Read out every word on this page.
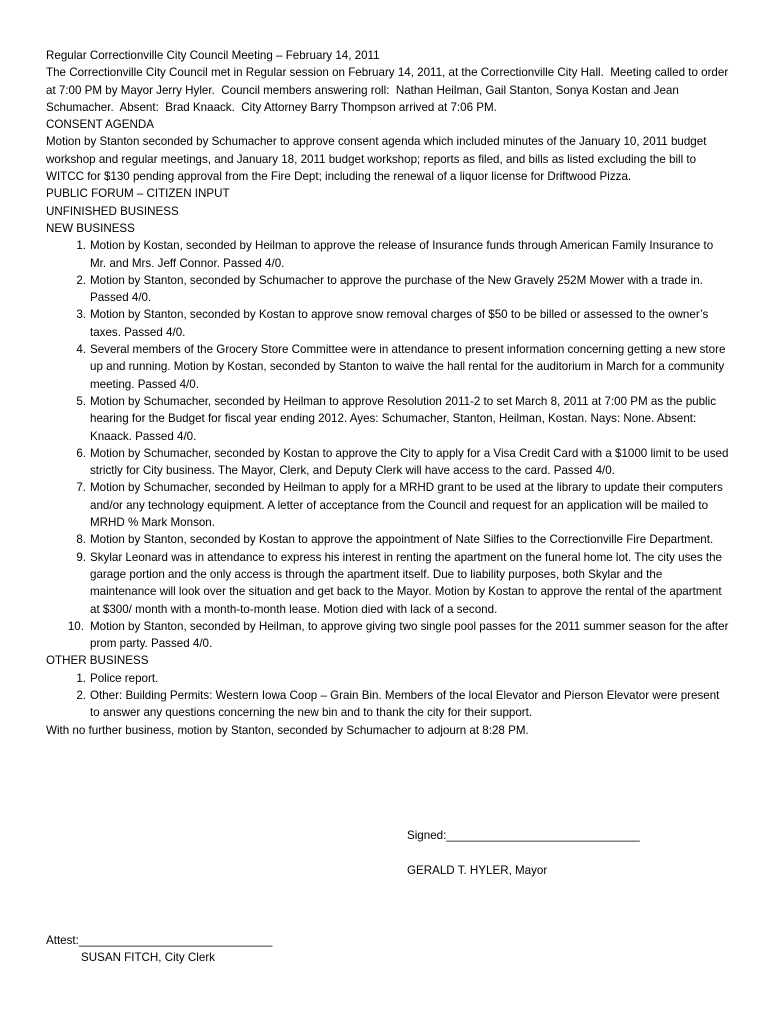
Regular Correctionville City Council Meeting – February 14, 2011
The Correctionville City Council met in Regular session on February 14, 2011, at the Correctionville City Hall.  Meeting called to order at 7:00 PM by Mayor Jerry Hyler.  Council members answering roll:  Nathan Heilman, Gail Stanton, Sonya Kostan and Jean Schumacher.  Absent:  Brad Knaack.  City Attorney Barry Thompson arrived at 7:06 PM.
CONSENT AGENDA
Motion by Stanton seconded by Schumacher to approve consent agenda which included minutes of the January 10, 2011 budget workshop and regular meetings, and January 18, 2011 budget workshop; reports as filed, and bills as listed excluding the bill to WITCC for $130 pending approval from the Fire Dept; including the renewal of a liquor license for Driftwood Pizza.
PUBLIC FORUM – CITIZEN INPUT
UNFINISHED BUSINESS
NEW BUSINESS
1 . Motion by Kostan, seconded by Heilman to approve the release of Insurance funds through American Family Insurance to Mr. and Mrs. Jeff Connor. Passed 4/0.
2 . Motion by Stanton, seconded by Schumacher to approve the purchase of the New Gravely 252M Mower with a trade in. Passed 4/0.
3 . Motion by Stanton, seconded by Kostan to approve snow removal charges of $50 to be billed or assessed to the owner’s taxes. Passed 4/0.
4 . Several members of the Grocery Store Committee were in attendance to present information concerning getting a new store up and running. Motion by Kostan, seconded by Stanton to waive the hall rental for the auditorium in March for a community meeting. Passed 4/0.
5 . Motion by Schumacher, seconded by Heilman to approve Resolution 2011-2 to set March 8, 2011 at 7:00 PM as the public hearing for the Budget for fiscal year ending 2012. Ayes: Schumacher, Stanton, Heilman, Kostan. Nays: None. Absent: Knaack. Passed 4/0.
6 . Motion by Schumacher, seconded by Kostan to approve the City to apply for a Visa Credit Card with a $1000 limit to be used strictly for City business. The Mayor, Clerk, and Deputy Clerk will have access to the card. Passed 4/0.
7 . Motion by Schumacher, seconded by Heilman to apply for a MRHD grant to be used at the library to update their computers and/or any technology equipment. A letter of acceptance from the Council and request for an application will be mailed to MRHD % Mark Monson.
8 . Motion by Stanton, seconded by Kostan to approve the appointment of Nate Silfies to the Correctionville Fire Department.
9 . Skylar Leonard was in attendance to express his interest in renting the apartment on the funeral home lot. The city uses the garage portion and the only access is through the apartment itself. Due to liability purposes, both Skylar and the maintenance will look over the situation and get back to the Mayor. Motion by Kostan to approve the rental of the apartment at $300/ month with a month-to-month lease. Motion died with lack of a second.
10 . Motion by Stanton, seconded by Heilman, to approve giving two single pool passes for the 2011 summer season for the after prom party. Passed 4/0.
OTHER BUSINESS
1 . Police report.
2 . Other: Building Permits: Western Iowa Coop – Grain Bin. Members of the local Elevator and Pierson Elevator were present to answer any questions concerning the new bin and to thank the city for their support.
With no further business, motion by Stanton, seconded by Schumacher to adjourn at 8:28 PM.
Signed:______________________________
GERALD T. HYLER, Mayor
Attest:______________________________
SUSAN FITCH, City Clerk
